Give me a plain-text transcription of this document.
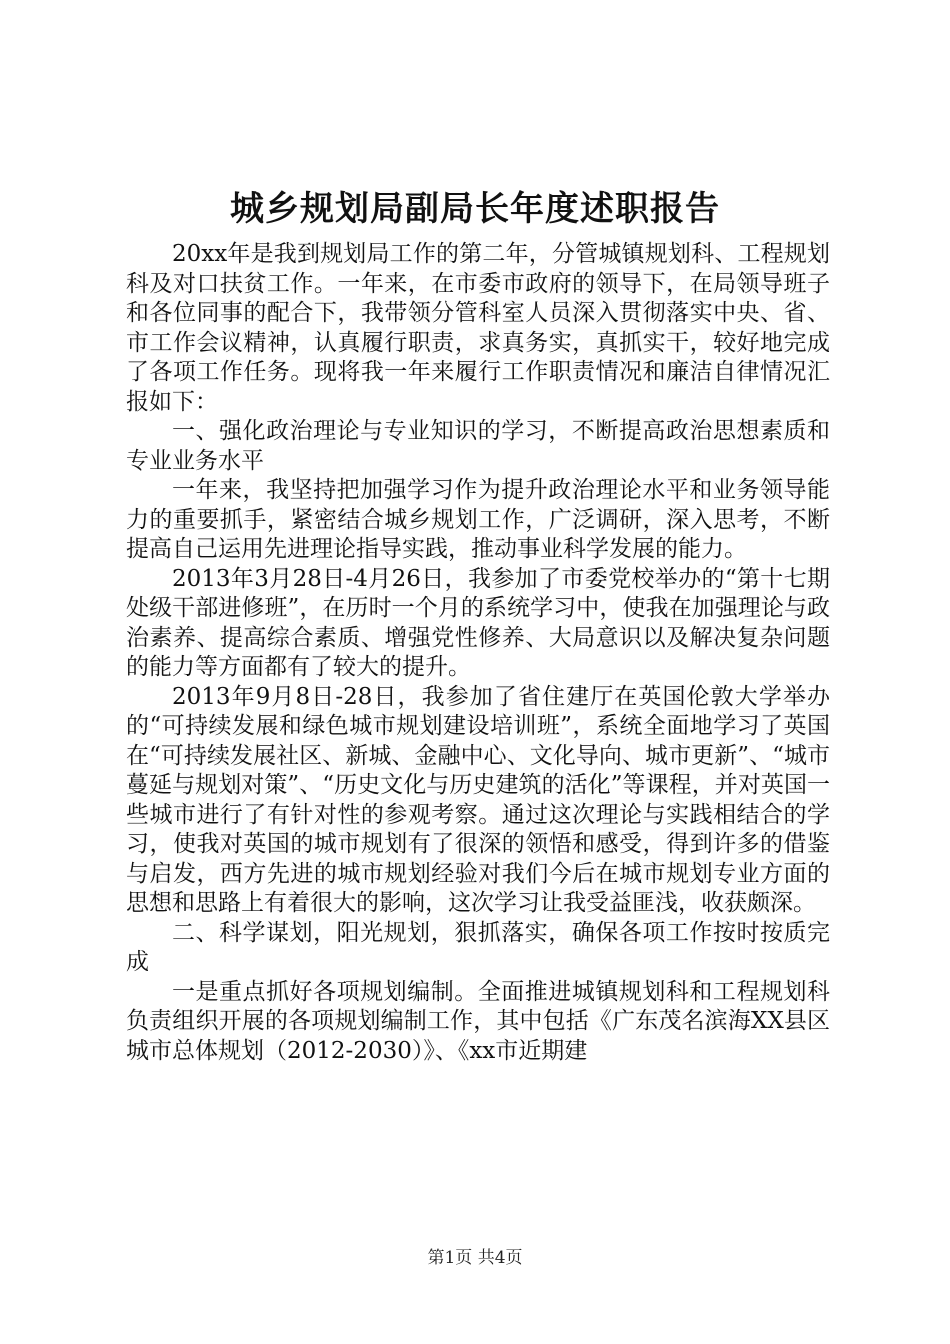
城乡规划局副局长年度述职报告

20xx年是我到规划局工作的第二年，分管城镇规划科、工程规划科及对口扶贫工作。一年来，在市委市政府的领导下，在局领导班子和各位同事的配合下，我带领分管科室人员深入贯彻落实中央、省、市工作会议精神，认真履行职责，求真务实，真抓实干，较好地完成了各项工作任务。现将我一年来履行工作职责情况和廉洁自律情况汇报如下：

一、强化政治理论与专业知识的学习，不断提高政治思想素质和专业业务水平

一年来，我坚持把加强学习作为提升政治理论水平和业务领导能力的重要抓手，紧密结合城乡规划工作，广泛调研，深入思考，不断提高自己运用先进理论指导实践，推动事业科学发展的能力。

2013年3月28日-4月26日，我参加了市委党校举办的“第十七期处级干部进修班”，在历时一个月的系统学习中，使我在加强理论与政治素养、提高综合素质、增强党性修养、大局意识以及解决复杂问题的能力等方面都有了较大的提升。

2013年9月8日-28日，我参加了省住建厅在英国伦敦大学举办的“可持续发展和绿色城市规划建设培训班”，系统全面地学习了英国在“可持续发展社区、新城、金融中心、文化导向、城市更新”、“城市蔓延与规划对策”、“历史文化与历史建筑的活化”等课程，并对英国一些城市进行了有针对性的参观考察。通过这次理论与实践相结合的学习，使我对英国的城市规划有了很深的领悟和感受，得到许多的借鉴与启发，西方先进的城市规划经验对我们今后在城市规划专业方面的思想和思路上有着很大的影响，这次学习让我受益匪浅，收获颇深。

二、科学谋划，阳光规划，狠抓落实，确保各项工作按时按质完成

一是重点抓好各项规划编制。全面推进城镇规划科和工程规划科负责组织开展的各项规划编制工作，其中包括《广东茂名滨海XX县区城市总体规划（2012-2030）》、《xx市近期建

第1页 共4页
